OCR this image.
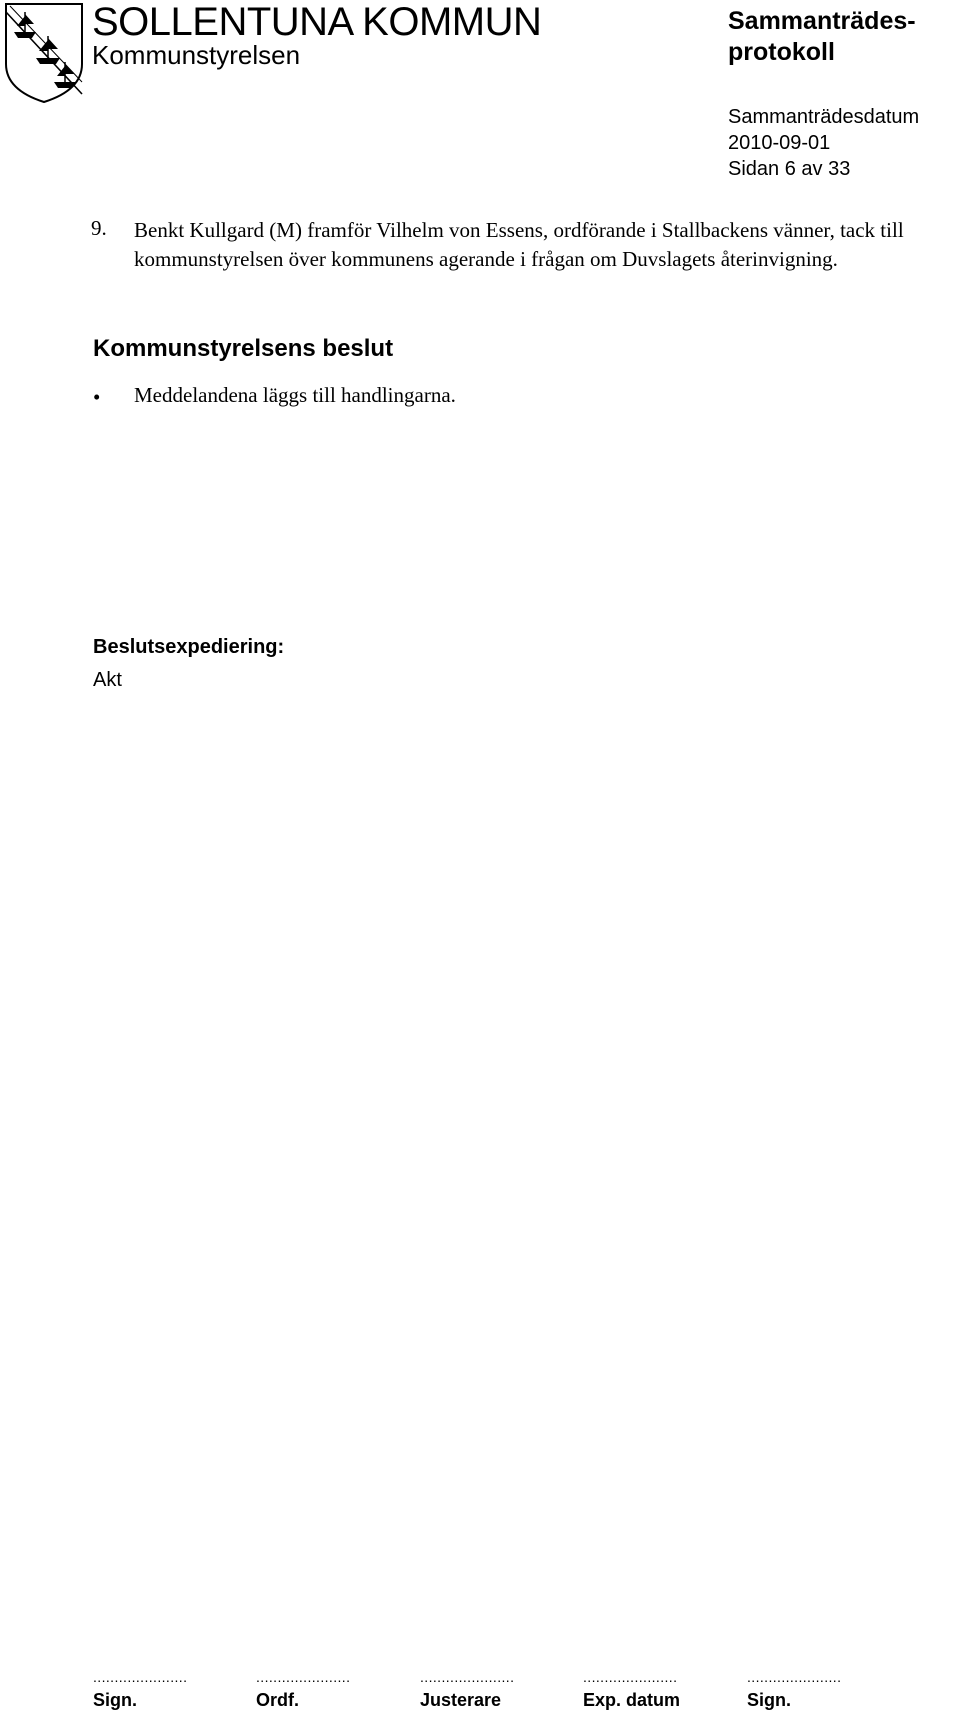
SOLLENTUNA KOMMUN
Kommunstyrelsen
Sammanträdes-
protokoll
Sammanträdesdatum
2010-09-01
Sidan 6 av 33
9. Benkt Kullgard (M) framför Vilhelm von Essens, ordförande i Stallbackens vänner, tack till kommunstyrelsen över kommunens agerande i frågan om Duvslagets återinvigning.
Kommunstyrelsens beslut
• Meddelandena läggs till handlingarna.
Beslutsexpediering:
Akt
......................
Sign.
......................
Ordf.
......................
Justerare
......................
Exp. datum
......................
Sign.
